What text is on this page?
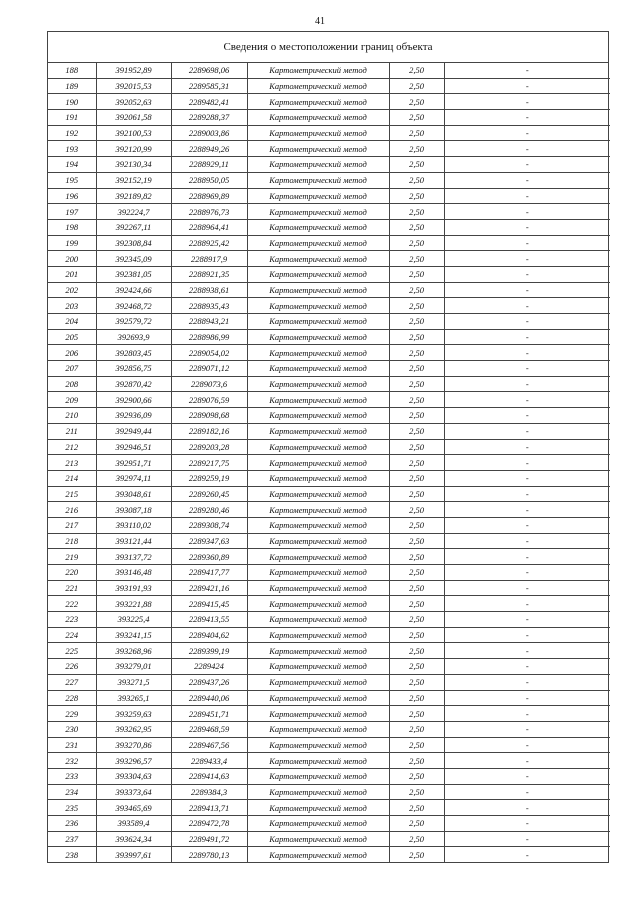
41
Сведения о местоположении границ объекта
188	391952,89	2289698,06	Картометрический метод	2,50	-
189	392015,53	2289585,31	Картометрический метод	2,50	-
190	392052,63	2289482,41	Картометрический метод	2,50	-
191	392061,58	2289288,37	Картометрический метод	2,50	-
192	392100,53	2289003,86	Картометрический метод	2,50	-
193	392120,99	2288949,26	Картометрический метод	2,50	-
194	392130,34	2288929,11	Картометрический метод	2,50	-
195	392152,19	2288950,05	Картометрический метод	2,50	-
196	392189,82	2288969,89	Картометрический метод	2,50	-
197	392224,7	2288976,73	Картометрический метод	2,50	-
198	392267,11	2288964,41	Картометрический метод	2,50	-
199	392308,84	2288925,42	Картометрический метод	2,50	-
200	392345,09	2288917,9	Картометрический метод	2,50	-
201	392381,05	2288921,35	Картометрический метод	2,50	-
202	392424,66	2288938,61	Картометрический метод	2,50	-
203	392468,72	2288935,43	Картометрический метод	2,50	-
204	392579,72	2288943,21	Картометрический метод	2,50	-
205	392693,9	2288986,99	Картометрический метод	2,50	-
206	392803,45	2289054,02	Картометрический метод	2,50	-
207	392856,75	2289071,12	Картометрический метод	2,50	-
208	392870,42	2289073,6	Картометрический метод	2,50	-
209	392900,66	2289076,59	Картометрический метод	2,50	-
210	392936,09	2289098,68	Картометрический метод	2,50	-
211	392949,44	2289182,16	Картометрический метод	2,50	-
212	392946,51	2289203,28	Картометрический метод	2,50	-
213	392951,71	2289217,75	Картометрический метод	2,50	-
214	392974,11	2289259,19	Картометрический метод	2,50	-
215	393048,61	2289260,45	Картометрический метод	2,50	-
216	393087,18	2289280,46	Картометрический метод	2,50	-
217	393110,02	2289308,74	Картометрический метод	2,50	-
218	393121,44	2289347,63	Картометрический метод	2,50	-
219	393137,72	2289360,89	Картометрический метод	2,50	-
220	393146,48	2289417,77	Картометрический метод	2,50	-
221	393191,93	2289421,16	Картометрический метод	2,50	-
222	393221,88	2289415,45	Картометрический метод	2,50	-
223	393225,4	2289413,55	Картометрический метод	2,50	-
224	393241,15	2289404,62	Картометрический метод	2,50	-
225	393268,96	2289399,19	Картометрический метод	2,50	-
226	393279,01	2289424	Картометрический метод	2,50	-
227	393271,5	2289437,26	Картометрический метод	2,50	-
228	393265,1	2289440,06	Картометрический метод	2,50	-
229	393259,63	2289451,71	Картометрический метод	2,50	-
230	393262,95	2289468,59	Картометрический метод	2,50	-
231	393270,86	2289467,56	Картометрический метод	2,50	-
232	393296,57	2289433,4	Картометрический метод	2,50	-
233	393304,63	2289414,63	Картометрический метод	2,50	-
234	393373,64	2289384,3	Картометрический метод	2,50	-
235	393465,69	2289413,71	Картометрический метод	2,50	-
236	393589,4	2289472,78	Картометрический метод	2,50	-
237	393624,34	2289491,72	Картометрический метод	2,50	-
238	393997,61	2289780,13	Картометрический метод	2,50	-
